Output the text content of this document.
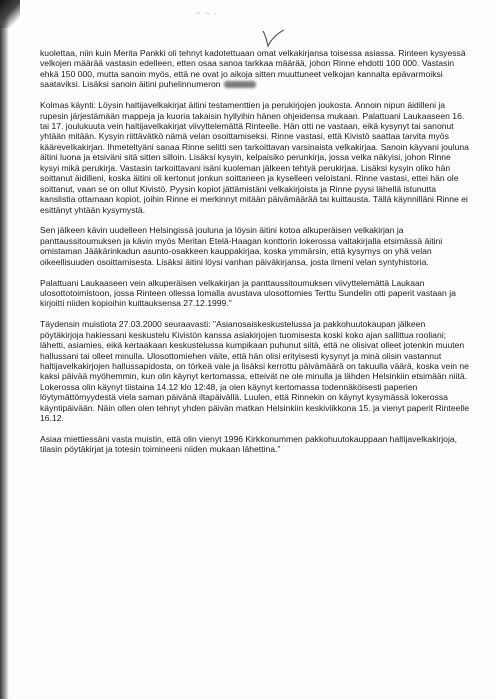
~ ~ -

kuolettaa, niin kuin Merita Pankki oli tehnyt kadotettuaan omat velkakirjansa toisessa asiassa. Rinteen kysyessä velkojen määrää vastasin edelleen, etten osaa sanoa tarkkaa määrää, johon Rinne ehdotti 100 000. Vastasin ehkä 150 000, mutta sanoin myös, että ne ovat jo aikoja sitten muuttuneet velkojan kannalta epävarmoiksi saataviksi. Lisäksi sanoin äitini puhelinnumeron

Kolmas käynti: Löysin haltijavelkakirjat äitini testamenttien ja perukirjojen joukosta. Annoin nipun äidilleni ja rupesin järjestämään mappeja ja kuoria takaisin hyllyihin hänen ohjeidensa mukaan. Palattuani Laukaaseen 16. tai 17. joulukuuta vein haltijavelkakirjat viivyttelemättä Rinteelle. Hän otti ne vastaan, eikä kysynyt tai sanonut yhtään mitään. Kysyin riittävätkö nämä velan osoittamiseksi. Rinne vastasi, että Kivistö saattaa tarvita myös kääreveIkakirjan. Ihmeteltyäni sanaa Rinne selitti sen tarkoittavan varsinaista velkakirjaa. Sanoin käyvani jouluna äitini luona ja etsiväni sitä sitten silloin. Lisäksi kysyin, kelpaisiko perunkirja, jossa velka näkyisi, johon Rinne kysyi mikä perukirja. Vastasin tarkoittavani isäni kuoleman jälkeen tehtyä perukirjaa. Lisäksi kysyin oliko hän soittanut äidilleni, koska äitini oli kertonut jonkun soittaneen ja kyselleen veloistani. Rinne vastasi, ettei hän ole soittanut, vaan se on ollut Kivistö. Pyysin kopiot jättämistäni velkakirjoista ja Rinne pyysi lähellä istunutta kanslistia ottamaan kopiot, joihin Rinne ei merkinnyt mitään päivämäärää tai kuittausta. Tällä käynnilläni Rinne ei esittänyt yhtään kysymystä.

Sen jälkeen kävin uudelleen Helsingissä jouluna ja löysin äitini kotoa alkuperäisen velkakirjan ja panttaussitoumuksen ja kävin myös Meritan Etelä-Haagan konttorin lokerossa valtakirjalla etsimässä äitini omistaman Jääkärinkadun asunto-osakkeen kauppakirjaa, koska ymmärsin, että kysymys on yhä velan oikeellisuuden osoittamisesta. Lisäksi äitini löysi vanhan päiväkirjansa, josta ilmeni velan syntyhistoria.

Palattuani Laukaaseen vein alkuperäisen velkakirjan ja panttaussitoumuksen viivyttelemättä Laukaan ulosottotoimistoon, jossa Rinteen ollessa lomalla avustava ulosottomies Terttu Sundelin otti paperit vastaan ja kirjoitti niiden kopioihin kuittauksensa 27.12.1999."

Täydensin muistiota 27.03.2000 seuraavasti: "Asianosaiskeskustelussa ja pakkohuutokaupan jälkeen pöytäkirjoja hakiessani keskustelu Kivistön kanssa asiakirjojen tuomisesta koski koko ajan sallittua rooliani; lähetti, asiamies, eikä kertaakaan keskustelussa kumpikaan puhunut siitä, että ne olisivat olleet jotenkin muuten hallussani tai olleet minulla. Ulosottomiehen väite, että hän olisi erityisesti kysynyt ja minä olisin vastannut haltijavelkakirjojen hallussapidosta, on törkeä vale ja lisäksi kerrottu päivämäärä on takuulla väärä, koska vein ne kaksi päivää myöhemmin, kun olin käynyt kertomassa, etteivät ne ole minulla ja lähden Helsinkiin etsimään niitä. Lokerossa olin käynyt tiistaina 14.12 klo 12:48, ja olen käynyt kertomassa todennäköisesti paperien löytymättömyydestä viela saman päivänä iltapäivällä. Luulen, että Rinnekin on käynyt kysymässä lokerossa käyntipäivään. Näin ollen olen tehnyt yhden päivän matkan Helsinkiin keskiviikkona 15. ja vienyt paperit Rinteelle 16.12.

Asiaa miettiessäni vasta muistin, että olin vienyt 1996 Kirkkonummen pakkohuutokauppaan haltijavelkakirjoja, tilasin pöytäkirjat ja totesin toimineeni niiden mukaan lähettina."
